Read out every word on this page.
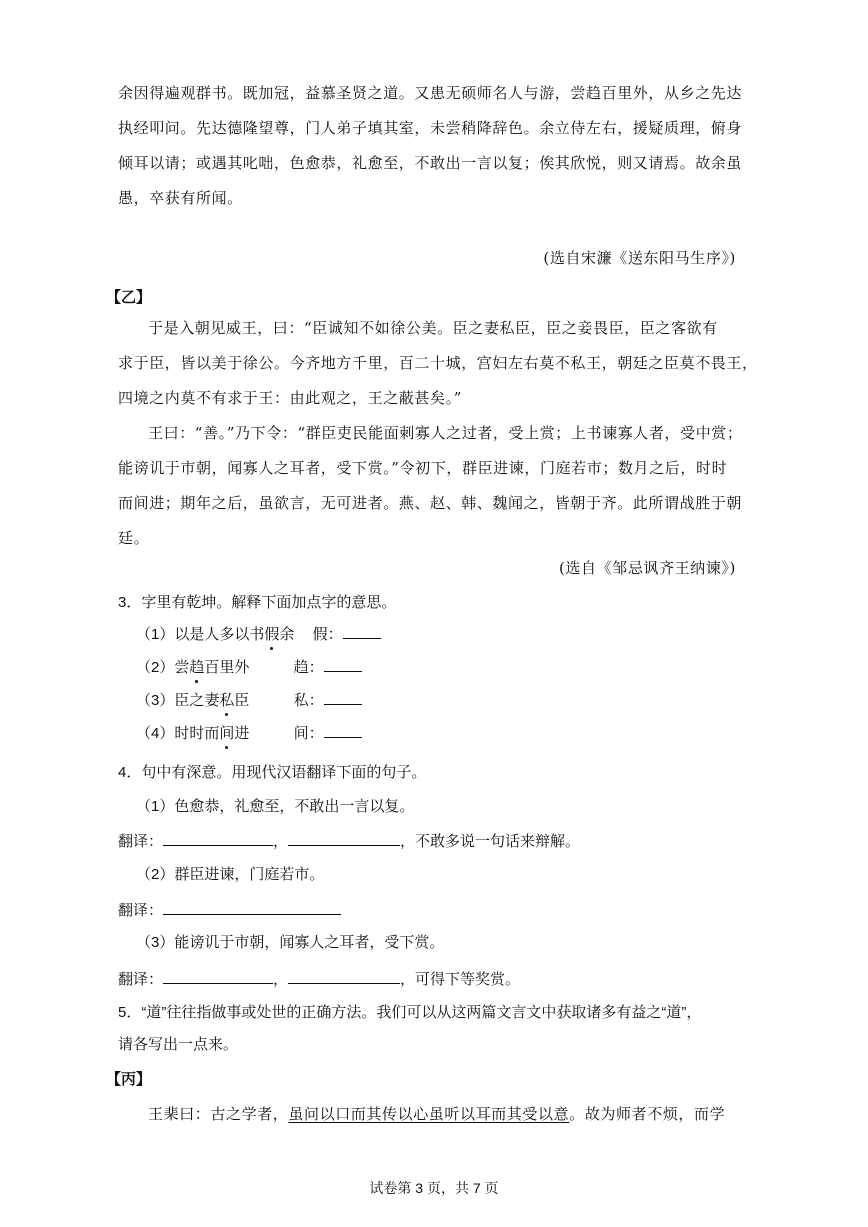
余因得遍观群书。既加冠，益慕圣贤之道。又患无硕师名人与游，尝趋百里外，从乡之先达
执经叩问。先达德隆望尊，门人弟子填其室，未尝稍降辞色。余立侍左右，援疑质理，俯身
倾耳以请；或遇其叱咄，色愈恭，礼愈至，不敢出一言以复；俟其欣悦，则又请焉。故余虽
愚，卒获有所闻。
(选自宋濂《送东阳马生序》)
【乙】
于是入朝见威王，曰：“臣诚知不如徐公美。臣之妻私臣，臣之妾畏臣，臣之客欲有
求于臣，皆以美于徐公。今齐地方千里，百二十城，宫妇左右莫不私王，朝廷之臣莫不畏王，
四境之内莫不有求于王：由此观之，王之蔽甚矣。”
王曰：“善。”乃下令：“群臣吏民能面刺寡人之过者，受上赏；上书谏寡人者，受中赏；
能谤讥于市朝，闻寡人之耳者，受下赏。”令初下，群臣进谏，门庭若市；数月之后，时时
而间进；期年之后，虽欲言，无可进者。燕、赵、韩、魏闻之，皆朝于齐。此所谓战胜于朝
廷。
(选自《邹忌讽齐王纳谏》)
3．字里有乾坤。解释下面加点字的意思。
（1）以是人多以书假余 假：
（2）尝趋百里外	趋：
（3）臣之妻私臣	私：
（4）时时而间进	间：
4．句中有深意。用现代汉语翻译下面的句子。
（1）色愈恭，礼愈至，不敢出一言以复。
翻译：	，	，不敢多说一句话来辩解。
（2）群臣进谏，门庭若市。
翻译：
（3）能谤讥于市朝，闻寡人之耳者，受下赏。
翻译：	，	，可得下等奖赏。
5．“道”往往指做事或处世的正确方法。我们可以从这两篇文言文中获取诸多有益之“道”，
请各写出一点来。
【丙】
王棐曰：古之学者，虽问以口而其传以心虽听以耳而其受以意。故为师者不烦，而学
试卷第 3 页，共 7 页
